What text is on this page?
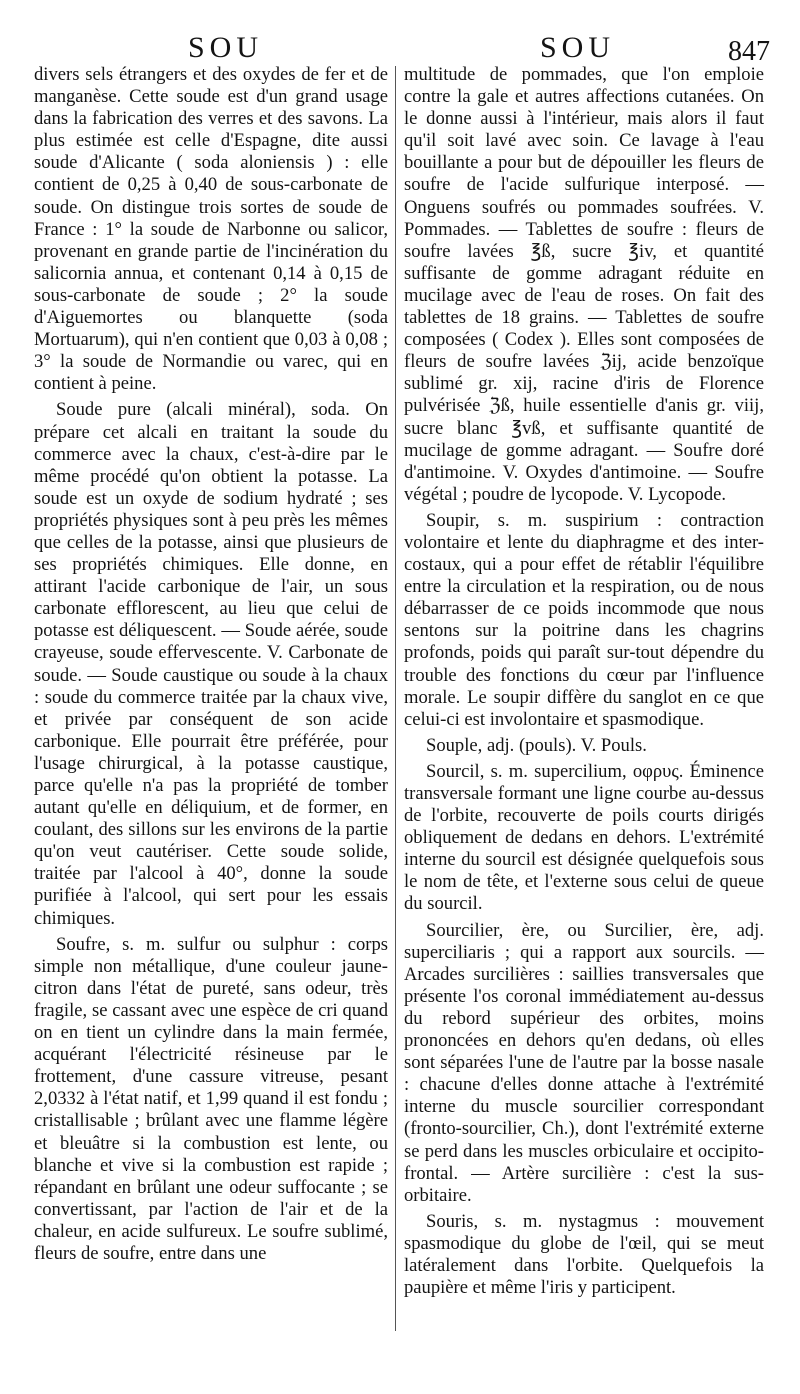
SOU	SOU	847

divers sels étrangers et des oxydes de fer et de manganèse. Cette soude est d'un grand usage dans la fabrication des verres et des savons. La plus estimée est celle d'Espagne, dite aussi soude d'Alicante ( soda aloniensis ) : elle contient de 0,25 à 0,40 de sous-carbonate de soude. On distingue trois sortes de soude de France : 1° la soude de Narbonne ou salicor, provenant en grande partie de l'incinération du salicornia annua, et contenant 0,14 à 0,15 de sous-carbonate de soude ; 2° la soude d'Aiguemortes ou blanquette (soda Mortuarum), qui n'en contient que 0,03 à 0,08 ; 3° la soude de Normandie ou varec, qui en contient à peine.

Soude pure (alcali minéral), soda. On prépare cet alcali en traitant la soude du commerce avec la chaux, c'est-à-dire par le même procédé qu'on obtient la potasse. La soude est un oxyde de sodium hydraté ; ses propriétés physiques sont à peu près les mêmes que celles de la potasse, ainsi que plusieurs de ses propriétés chimiques. Elle donne, en attirant l'acide carbonique de l'air, un sous carbonate efflorescent, au lieu que celui de potasse est déliquescent. — Soude aérée, soude crayeuse, soude effervescente. V. Carbonate de soude. — Soude caustique ou soude à la chaux : soude du commerce traitée par la chaux vive, et privée par conséquent de son acide carbonique. Elle pourrait être préférée, pour l'usage chirurgical, à la potasse caustique, parce qu'elle n'a pas la propriété de tomber autant qu'elle en déliquium, et de former, en coulant, des sillons sur les environs de la partie qu'on veut cautériser. Cette soude solide, traitée par l'alcool à 40°, donne la soude purifiée à l'alcool, qui sert pour les essais chimiques.

Soufre, s. m. sulfur ou sulphur : corps simple non métallique, d'une couleur jaune-citron dans l'état de pureté, sans odeur, très fragile, se cassant avec une espèce de cri quand on en tient un cylindre dans la main fermée, acquérant l'électricité résineuse par le frottement, d'une cassure vitreuse, pesant 2,0332 à l'état natif, et 1,99 quand il est fondu ; cristallisable ; brûlant avec une flamme légère et bleuâtre si la combustion est lente, ou blanche et vive si la combustion est rapide ; répandant en brûlant une odeur suffocante ; se convertissant, par l'action de l'air et de la chaleur, en acide sulfureux. Le soufre sublimé, fleurs de soufre, entre dans une

multitude de pommades, que l'on emploie contre la gale et autres affections cutanées. On le donne aussi à l'intérieur, mais alors il faut qu'il soit lavé avec soin. Ce lavage à l'eau bouillante a pour but de dépouiller les fleurs de soufre de l'acide sulfurique interposé. — Onguens soufrés ou pommades soufrées. V. Pommades. — Tablettes de soufre : fleurs de soufre lavées ℥ß, sucre ℥iv, et quantité suffisante de gomme adragant réduite en mucilage avec de l'eau de roses. On fait des tablettes de 18 grains. — Tablettes de soufre composées ( Codex ). Elles sont composées de fleurs de soufre lavées ℨij, acide benzoïque sublimé gr. xij, racine d'iris de Florence pulvérisée ℨß, huile essentielle d'anis gr. viij, sucre blanc ℥vß, et suffisante quantité de mucilage de gomme adragant. — Soufre doré d'antimoine. V. Oxydes d'antimoine. — Soufre végétal ; poudre de lycopode. V. Lycopode.

Soupir, s. m. suspirium : contraction volontaire et lente du diaphragme et des inter-costaux, qui a pour effet de rétablir l'équilibre entre la circulation et la respiration, ou de nous débarrasser de ce poids incommode que nous sentons sur la poitrine dans les chagrins profonds, poids qui paraît sur-tout dépendre du trouble des fonctions du cœur par l'influence morale. Le soupir diffère du sanglot en ce que celui-ci est involontaire et spasmodique.

Souple, adj. (pouls). V. Pouls.

Sourcil, s. m. supercilium, οφρυς. Éminence transversale formant une ligne courbe au-dessus de l'orbite, recouverte de poils courts dirigés obliquement de dedans en dehors. L'extrémité interne du sourcil est désignée quelquefois sous le nom de tête, et l'externe sous celui de queue du sourcil.

Sourcilier, ère, ou Surcilier, ère, adj. superciliaris ; qui a rapport aux sourcils. — Arcades surcilières : saillies transversales que présente l'os coronal immédiatement au-dessus du rebord supérieur des orbites, moins prononcées en dehors qu'en dedans, où elles sont séparées l'une de l'autre par la bosse nasale : chacune d'elles donne attache à l'extrémité interne du muscle sourcilier correspondant (fronto-sourcilier, Ch.), dont l'extrémité externe se perd dans les muscles orbiculaire et occipito-frontal. — Artère surcilière : c'est la sus-orbitaire.

Souris, s. m. nystagmus : mouvement spasmodique du globe de l'œil, qui se meut latéralement dans l'orbite. Quelquefois la paupière et même l'iris y participent.
